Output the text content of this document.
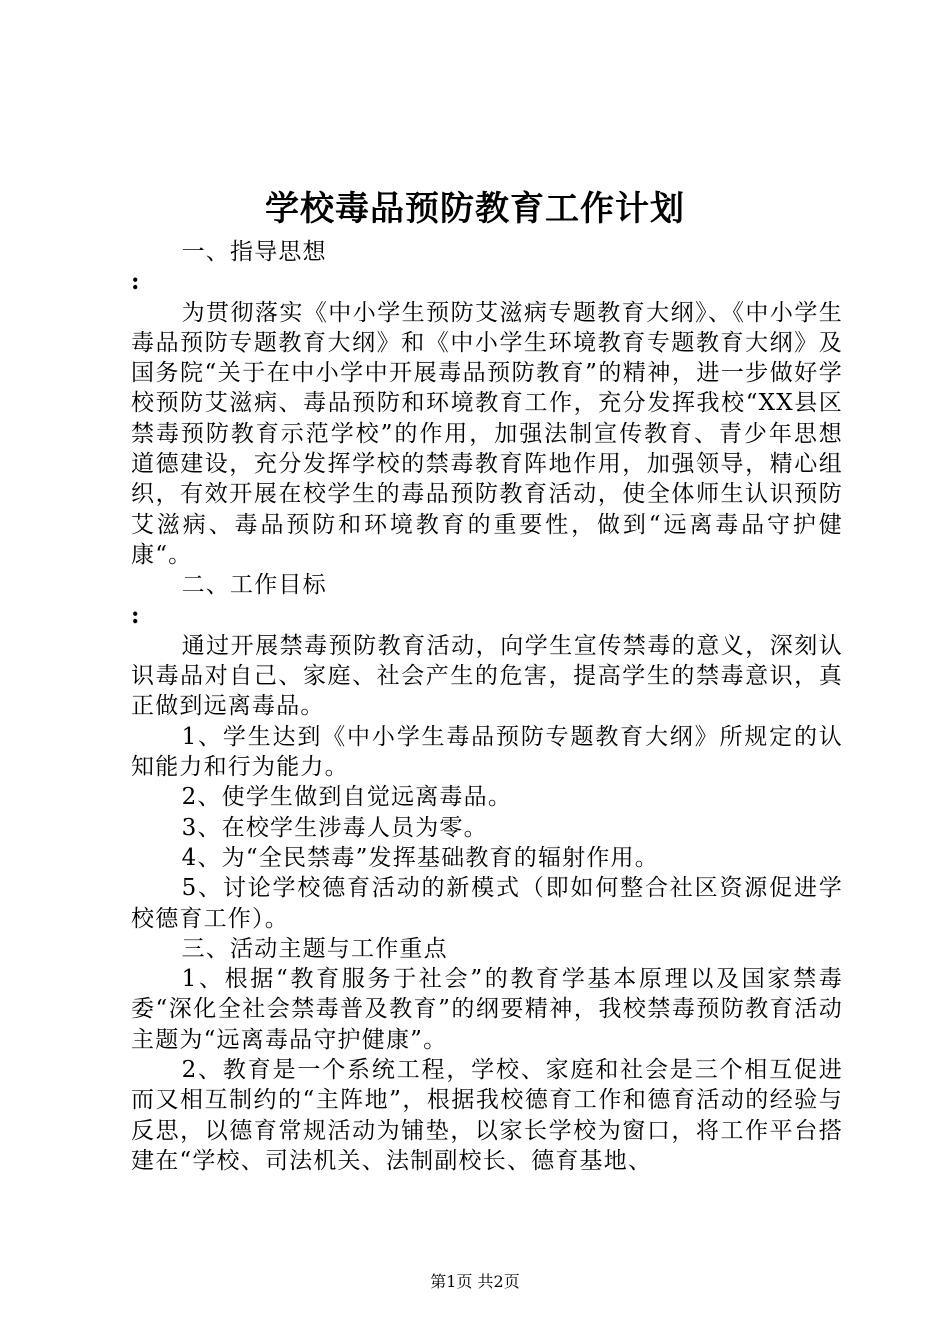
学校毒品预防教育工作计划

一、指导思想

:

为贯彻落实《中小学生预防艾滋病专题教育大纲》、《中小学生毒品预防专题教育大纲》和《中小学生环境教育专题教育大纲》及国务院“关于在中小学中开展毒品预防教育”的精神，进一步做好学校预防艾滋病、毒品预防和环境教育工作，充分发挥我校“XX县区禁毒预防教育示范学校”的作用，加强法制宣传教育、青少年思想道德建设，充分发挥学校的禁毒教育阵地作用，加强领导，精心组织，有效开展在校学生的毒品预防教育活动，使全体师生认识预防艾滋病、毒品预防和环境教育的重要性，做到“远离毒品守护健康“。

二、工作目标

:

通过开展禁毒预防教育活动，向学生宣传禁毒的意义，深刻认识毒品对自己、家庭、社会产生的危害，提高学生的禁毒意识，真正做到远离毒品。

1、学生达到《中小学生毒品预防专题教育大纲》所规定的认知能力和行为能力。

2、使学生做到自觉远离毒品。

3、在校学生涉毒人员为零。

4、为“全民禁毒”发挥基础教育的辐射作用。

5、讨论学校德育活动的新模式（即如何整合社区资源促进学校德育工作）。

三、活动主题与工作重点

1、根据“教育服务于社会”的教育学基本原理以及国家禁毒委“深化全社会禁毒普及教育”的纲要精神，我校禁毒预防教育活动主题为“远离毒品守护健康”。

2、教育是一个系统工程，学校、家庭和社会是三个相互促进而又相互制约的“主阵地”，根据我校德育工作和德育活动的经验与反思，以德育常规活动为铺垫，以家长学校为窗口，将工作平台搭建在“学校、司法机关、法制副校长、德育基地、

第1页 共2页
